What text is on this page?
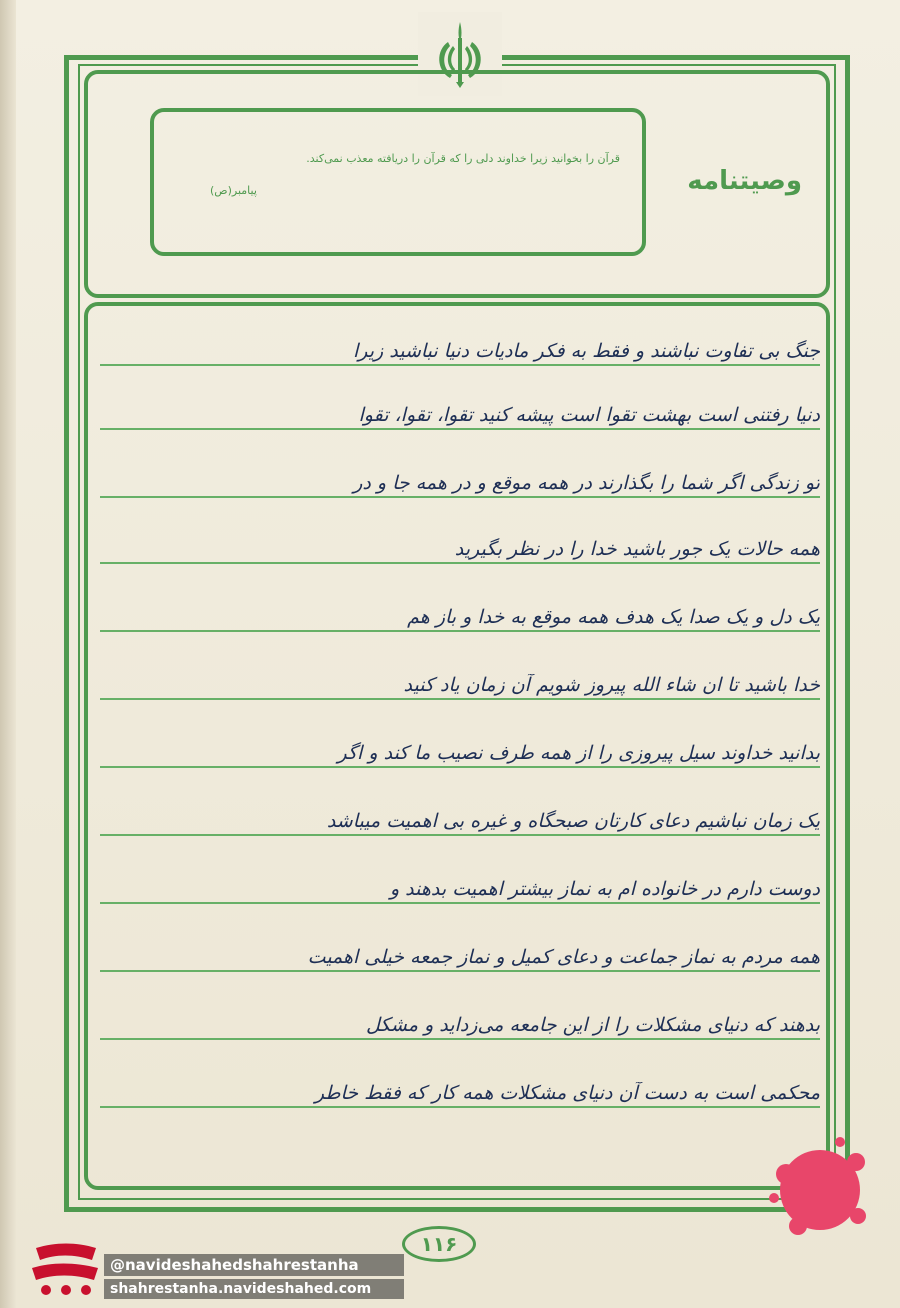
قرآن را بخوانید زیرا خداوند دلی را که قرآن را دریافته معذب نمی‌کند.
پیامبر(ص)	وصیتنامه
جنگ بی تفاوت نباشند و فقط به فکر مادیات دنیا نباشید زیرا
دنیا رفتنی است بهشت تقوا است پیشه کنید تقوا، تقوا، تقوا
تو زندگی اگر شما را بگذارند در همه موقع و در همه جا و در
همه حالات یک جور باشید خدا را در نظر بگیرید
یک دل و یک صدا یک هدف همه موقع به خدا و باز هم
خدا باشید تا ان شاء الله پیروز شویم آن زمان یاد کنید
بدانید خداوند سیل پیروزی را از همه طرف نصیب ما کند و اگر
یک زمان نباشیم دعای کارتان صبحگاه و غیره بی اهمیت میباشد
دوست دارم در خانواده ام به نماز بیشتر اهمیت بدهند و
همه مردم به نماز جماعت و دعای کمیل و نماز جمعه خیلی اهمیت
بدهند که دنیای مشکلات را از این جامعه می‌زداید و مشکل
محکمی است به دست آن دنیای مشکلات همه کار که فقط خاطر
۱۱۶
@navideshahedshahrestanha
shahrestanha.navideshahed.com
